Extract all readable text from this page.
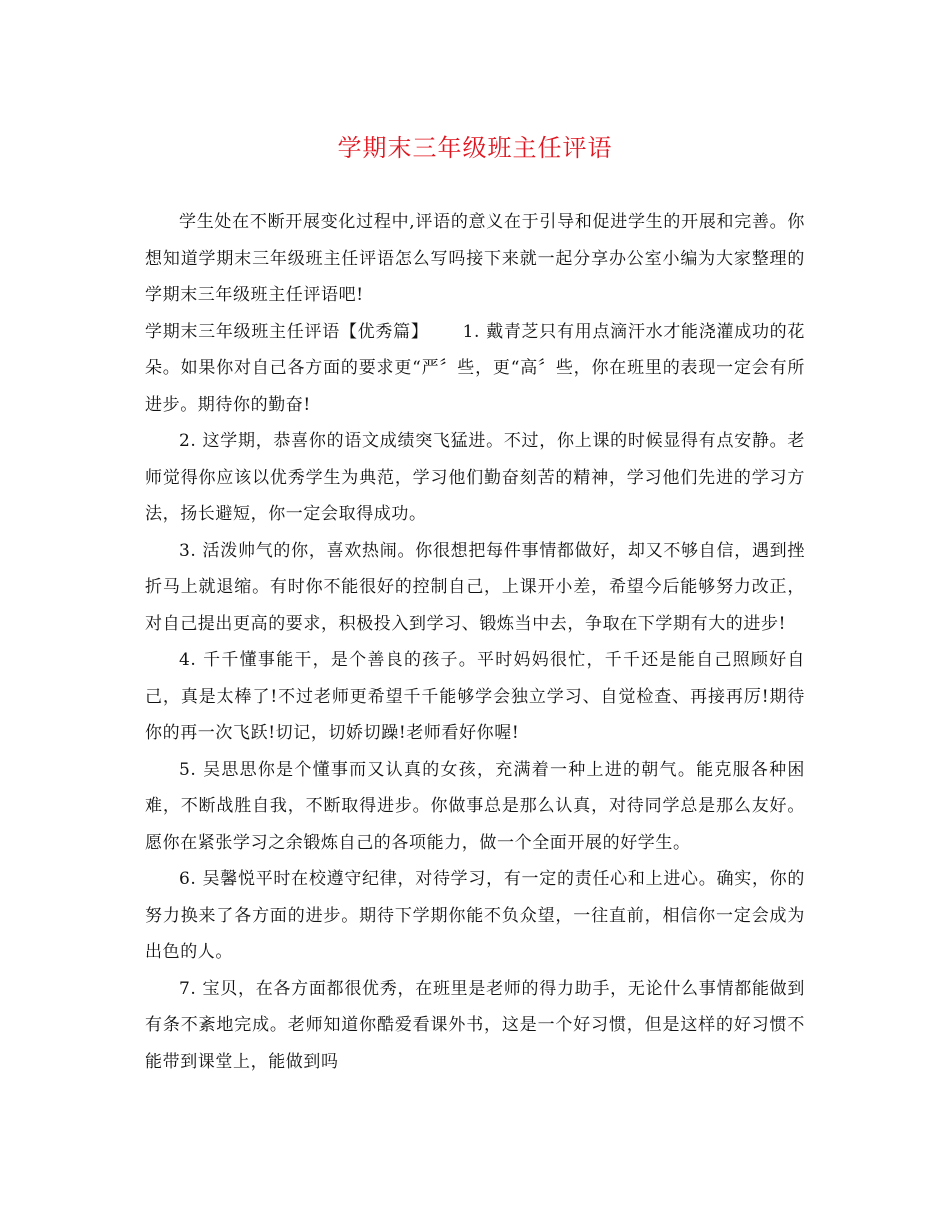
学期末三年级班主任评语

学生处在不断开展变化过程中,评语的意义在于引导和促进学生的开展和完善。你想知道学期末三年级班主任评语怎么写吗接下来就一起分享办公室小编为大家整理的学期末三年级班主任评语吧!

学期末三年级班主任评语【优秀篇】 1. 戴青芝只有用点滴汗水才能浇灌成功的花朵。如果你对自己各方面的要求更“严〞些，更“高〞些，你在班里的表现一定会有所进步。期待你的勤奋!

2. 这学期，恭喜你的语文成绩突飞猛进。不过，你上课的时候显得有点安静。老师觉得你应该以优秀学生为典范，学习他们勤奋刻苦的精神，学习他们先进的学习方法，扬长避短，你一定会取得成功。

3. 活泼帅气的你，喜欢热闹。你很想把每件事情都做好，却又不够自信，遇到挫折马上就退缩。有时你不能很好的控制自己，上课开小差，希望今后能够努力改正，对自己提出更高的要求，积极投入到学习、锻炼当中去，争取在下学期有大的进步!

4. 千千懂事能干，是个善良的孩子。平时妈妈很忙，千千还是能自己照顾好自己，真是太棒了!不过老师更希望千千能够学会独立学习、自觉检查、再接再厉!期待你的再一次飞跃!切记，切娇切躁!老师看好你喔!

5. 吴思思你是个懂事而又认真的女孩，充满着一种上进的朝气。能克服各种困难，不断战胜自我，不断取得进步。你做事总是那么认真，对待同学总是那么友好。愿你在紧张学习之余锻炼自己的各项能力，做一个全面开展的好学生。

6. 吴馨悦平时在校遵守纪律，对待学习，有一定的责任心和上进心。确实，你的努力换来了各方面的进步。期待下学期你能不负众望，一往直前，相信你一定会成为出色的人。

7. 宝贝，在各方面都很优秀，在班里是老师的得力助手，无论什么事情都能做到有条不紊地完成。老师知道你酷爱看课外书，这是一个好习惯，但是这样的好习惯不能带到课堂上，能做到吗
